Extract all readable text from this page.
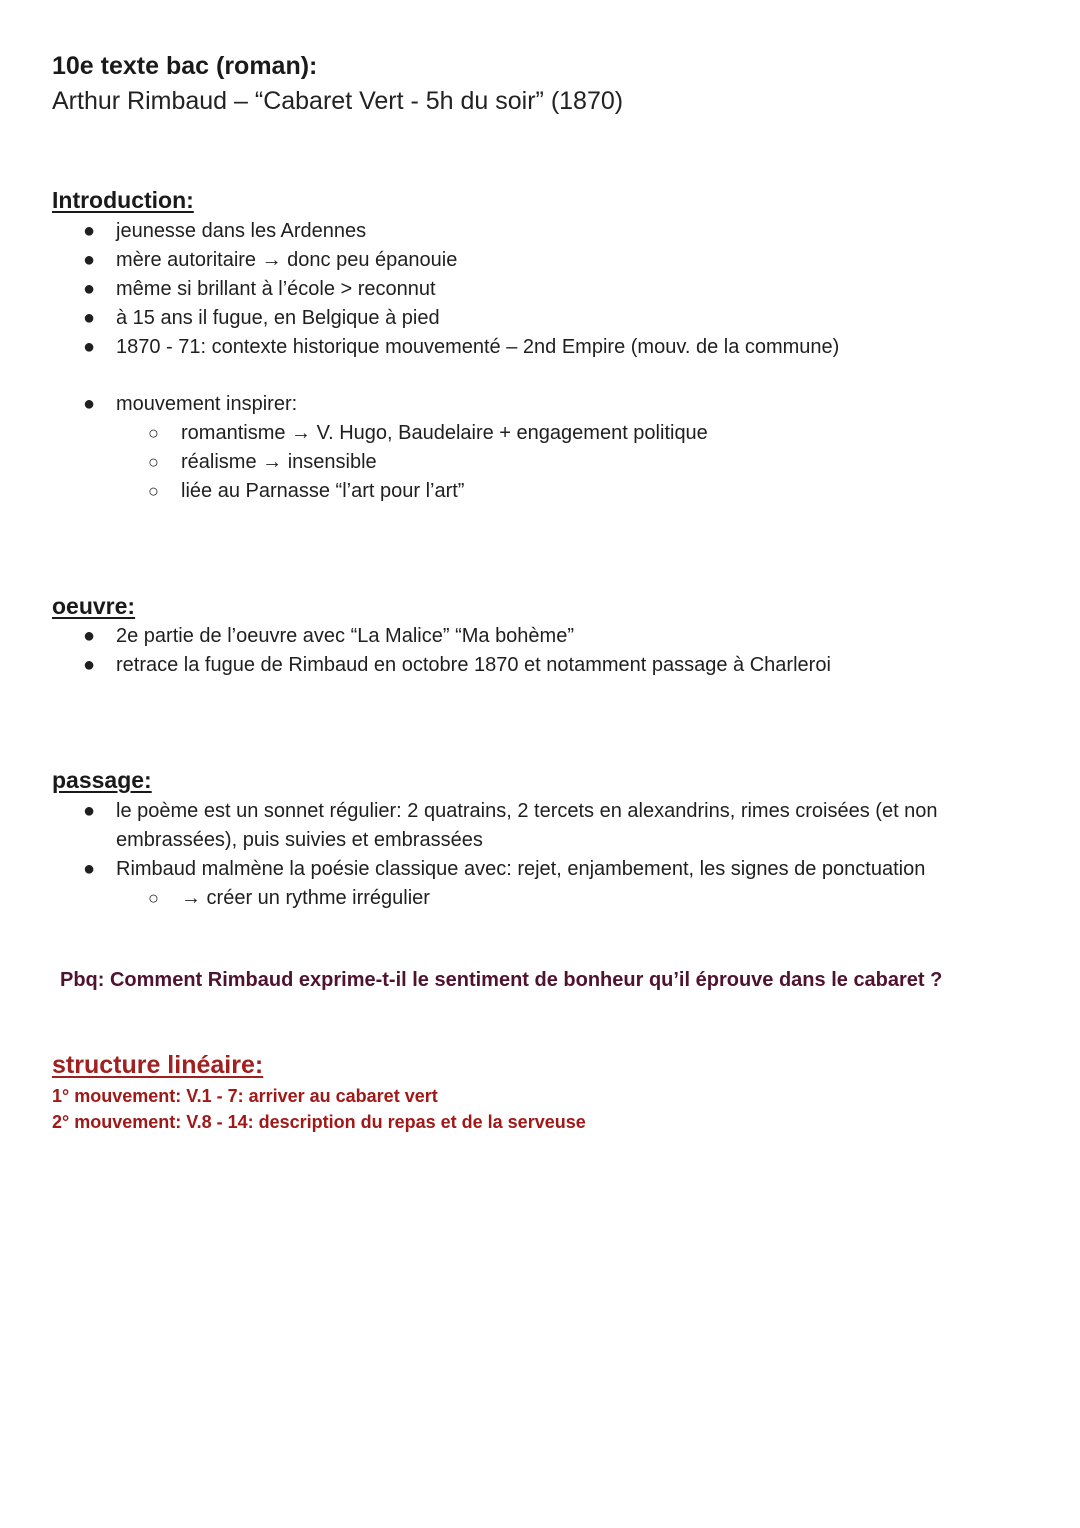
10e texte bac (roman):
Arthur Rimbaud – “Cabaret Vert - 5h du soir” (1870)
Introduction:
● jeunesse dans les Ardennes
● mère autoritaire → donc peu épanouie
● même si brillant à l’école > reconnut
● à 15 ans il fugue, en Belgique à pied
● 1870 - 71: contexte historique mouvementé – 2nd Empire (mouv. de la commune)
● mouvement inspirer:
○ romantisme → V. Hugo, Baudelaire + engagement politique
○ réalisme → insensible
○ liée au Parnasse “l’art pour l’art”
oeuvre:
● 2e partie de l’oeuvre avec “La Malice” “Ma bohème”
● retrace la fugue de Rimbaud en octobre 1870 et notamment passage à Charleroi
passage:
● le poème est un sonnet régulier: 2 quatrains, 2 tercets en alexandrins, rimes croisées (et non embrassées), puis suivies et embrassées
● Rimbaud malmène la poésie classique avec: rejet, enjambement, les signes de ponctuation
○ → créer un rythme irrégulier
Pbq: Comment Rimbaud exprime-t-il le sentiment de bonheur qu’il éprouve dans le cabaret ?
structure linéaire:
1° mouvement: V.1 - 7: arriver au cabaret vert
2° mouvement: V.8 - 14: description du repas et de la serveuse
